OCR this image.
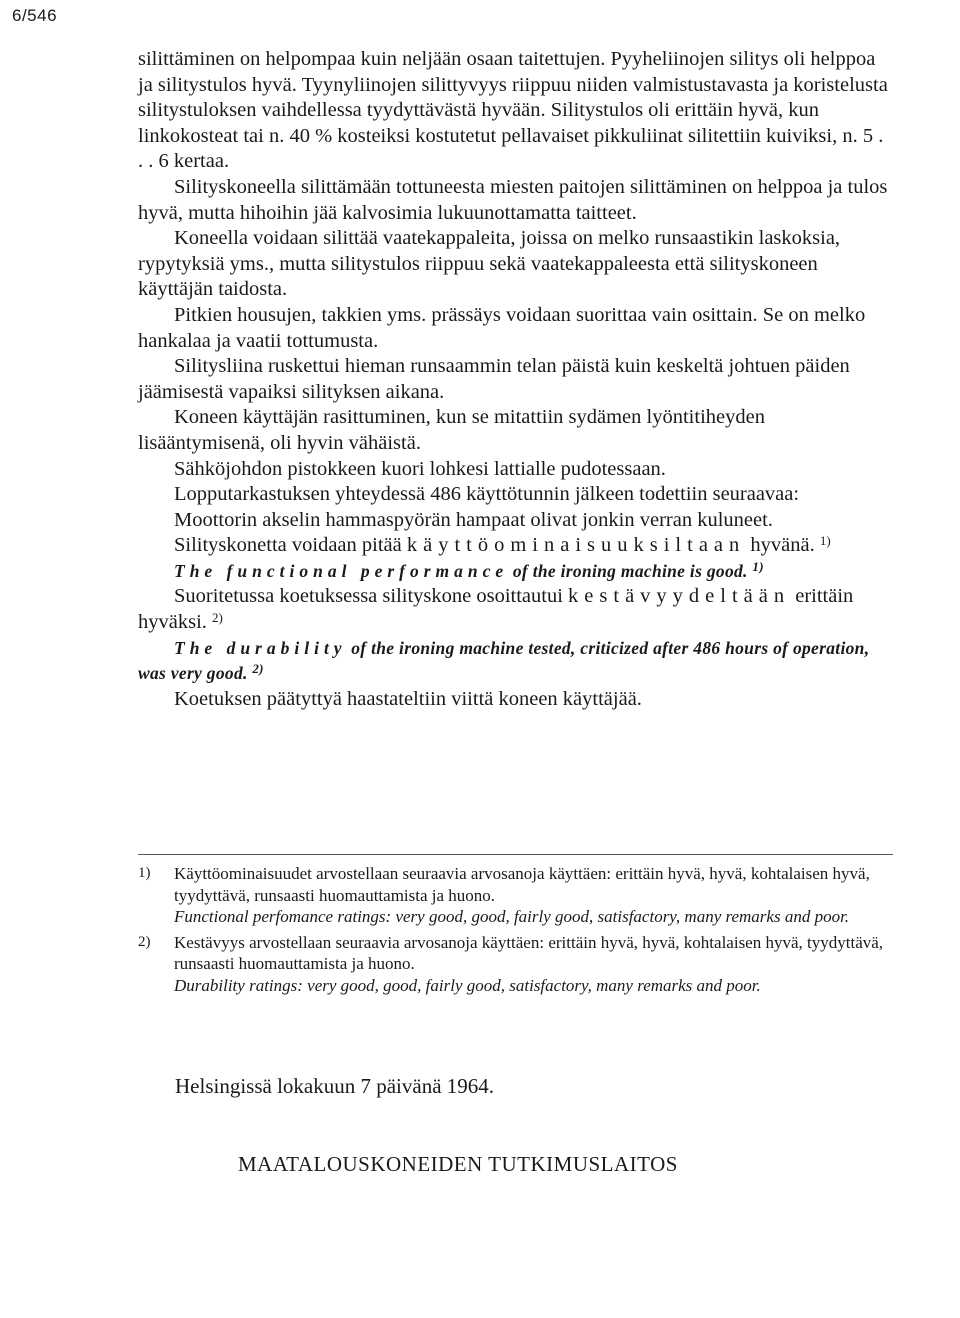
6/546

silittäminen on helpompaa kuin neljään osaan taitettujen. Pyyheliinojen silitys oli helppoa ja silitystulos hyvä. Tyynyliinojen silittyvyys riippuu niiden valmistustavasta ja koristelusta silitystuloksen vaihdellessa tyydyttävästä hyvään. Silitystulos oli erittäin hyvä, kun linkokosteat tai n. 40 % kosteiksi kostutetut pellavaiset pikkuliinat silitettiin kuiviksi, n. 5 . . . 6 kertaa.

Silityskoneella silittämään tottuneesta miesten paitojen silittäminen on helppoa ja tulos hyvä, mutta hihoihin jää kalvosimia lukuunottamatta taitteet.

Koneella voidaan silittää vaatekappaleita, joissa on melko runsaastikin laskoksia, rypytyksiä yms., mutta silitystulos riippuu sekä vaatekappaleesta että silityskoneen käyttäjän taidosta.

Pitkien housujen, takkien yms. prässäys voidaan suorittaa vain osittain. Se on melko hankalaa ja vaatii tottumusta.

Silitysliina ruskettui hieman runsaammin telan päistä kuin keskeltä johtuen päiden jäämisestä vapaiksi silityksen aikana.

Koneen käyttäjän rasittuminen, kun se mitattiin sydämen lyöntitiheyden lisääntymisenä, oli hyvin vähäistä.

Sähköjohdon pistokkeen kuori lohkesi lattialle pudotessaan.

Lopputarkastuksen yhteydessä 486 käyttötunnin jälkeen todettiin seuraavaa:

Moottorin akselin hammaspyörän hampaat olivat jonkin verran kuluneet.

Silityskonetta voidaan pitää käyttöominaisuuksiltaan hyvänä. $^{1)}$

The functional performance of the ironing machine is good. $^{1)}$

Suoritetussa koetuksessa silityskone osoittautui kestävyydeltään erittäin hyväksi. $^{2)}$

The durability of the ironing machine tested, criticized after 486 hours of operation, was very good. $^{2)}$

Koetuksen päätyttyä haastateltiin viittä koneen käyttäjää.

1) Käyttöominaisuudet arvostellaan seuraavia arvosanoja käyttäen: erittäin hyvä, hyvä, kohtalaisen hyvä, tyydyttävä, runsaasti huomauttamista ja huono.
Functional perfomance ratings: very good, good, fairly good, satisfactory, many remarks and poor.
2) Kestävyys arvostellaan seuraavia arvosanoja käyttäen: erittäin hyvä, hyvä, kohtalaisen hyvä, tyydyttävä, runsaasti huomauttamista ja huono.
Durability ratings: very good, good, fairly good, satisfactory, many remarks and poor.
Helsingissä lokakuun 7 päivänä 1964.
MAATALOUSKONEIDEN TUTKIMUSLAITOS
